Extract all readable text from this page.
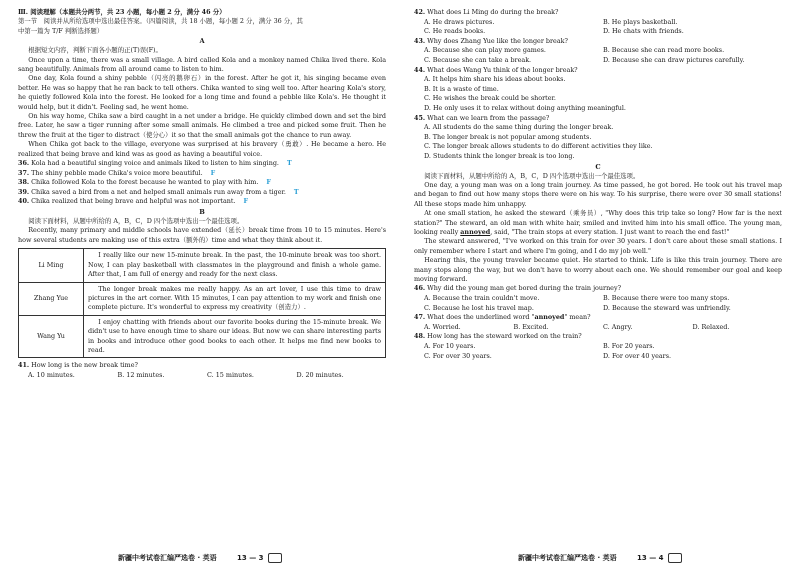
Ⅲ. 阅读理解（本题共分两节，共 23 小题，每小题 2 分，满分 46 分）

第一节　阅读并从所给选项中选出最佳答案。（四篇阅读，共 18 小题，每小题 2 分，满分 36 分，其

中第一篇为 T/F 判断选择题）

A

根据短文内容，判断下面各小题的正(T)误(F)。

Once upon a time, there was a small village. A bird called Kola and a monkey named Chika lived there. Kola sang beautifully. Animals from all around came to listen to him.

One day, Kola found a shiny pebble（闪亮的鹅卵石）in the forest. After he got it, his singing became even better. He was so happy that he ran back to tell others. Chika wanted to sing well too. After hearing Kola's story, he quietly followed Kola into the forest. He looked for a long time and found a pebble like Kola's. He thought it would help, but it didn't. Feeling sad, he went home.

On his way home, Chika saw a bird caught in a net under a bridge. He quickly climbed down and set the bird free. Later, he saw a tiger running after some small animals. He climbed a tree and picked some fruit. Then he threw the fruit at the tiger to distract（使分心）it so that the small animals got the chance to run away.

When Chika got back to the village, everyone was surprised at his bravery（勇敢）. He became a hero. He realized that being brave and kind was as good as having a beautiful voice.

36. Kola had a beautiful singing voice and animals liked to listen to him singing. T

37. The shiny pebble made Chika's voice more beautiful. F

38. Chika followed Kola to the forest because he wanted to play with him. F

39. Chika saved a bird from a net and helped small animals run away from a tiger. T

40. Chika realized that being brave and helpful was not important. F

B

阅读下面材料，从题中所给的 A，B，C，D 四个选项中选出一个最佳选项。

Recently, many primary and middle schools have extended（延长）break time from 10 to 15 minutes. Here's how several students are making use of this extra（额外的）time and what they think about it.

Li Ming	I really like our new 15-minute break. In the past, the 10-minute break was too short. Now, I can play basketball with classmates in the playground and finish a whole game. After that, I am full of energy and ready for the next class.
Zhang Yue	The longer break makes me really happy. As an art lover, I use this time to draw pictures in the art corner. With 15 minutes, I can pay attention to my work and finish one complete picture. It's wonderful to express my creativity（创造力）.
Wang Yu	I enjoy chatting with friends about our favorite books during the 15-minute break. We didn't use to have enough time to share our ideas. But now we can share interesting parts in books and introduce other good books to each other. It helps me find new books to read.

41. How long is the new break time?

A. 10 minutes.	B. 12 minutes.	C. 15 minutes.	D. 20 minutes.
新疆中考试卷汇编严选卷 · 英语	13 — 3

42. What does Li Ming do during the break?

A. He draws pictures.	B. He plays basketball.
C. He reads books.	D. He chats with friends.

43. Why does Zhang Yue like the longer break?

A. Because she can play more games.	B. Because she can read more books.
C. Because she can take a break.	D. Because she can draw pictures carefully.

44. What does Wang Yu think of the longer break?

A. It helps him share his ideas about books.
B. It is a waste of time.
C. He wishes the break could be shorter.
D. He only uses it to relax without doing anything meaningful.

45. What can we learn from the passage?

A. All students do the same thing during the longer break.
B. The longer break is not popular among students.
C. The longer break allows students to do different activities they like.
D. Students think the longer break is too long.

C

阅读下面材料，从题中所给的 A，B，C，D 四个选项中选出一个最佳选项。

One day, a young man was on a long train journey. As time passed, he got bored. He took out his travel map and began to find out how many stops there were on his way. To his surprise, there were over 30 small stations! All these stops made him unhappy.

At one small station, he asked the steward（乘务员）, "Why does this trip take so long? How far is the next station?" The steward, an old man with white hair, smiled and invited him into his small office. The young man, looking really annoyed, said, "The train stops at every station. I just want to reach the end fast!"

The steward answered, "I've worked on this train for over 30 years. I don't care about these small stations. I only remember where I start and where I'm going, and I do my job well."

Hearing this, the young traveler became quiet. He started to think. Life is like this train journey. There are many stops along the way, but we don't have to worry about each one. We should remember our goal and keep moving forward.

46. Why did the young man get bored during the train journey?

A. Because the train couldn't move.	B. Because there were too many stops.
C. Because he lost his travel map.	D. Because the steward was unfriendly.

47. What does the underlined word "annoyed" mean?

A. Worried.	B. Excited.	C. Angry.	D. Relaxed.

48. How long has the steward worked on the train?

A. For 10 years.	B. For 20 years.
C. For over 30 years.	D. For over 40 years.
新疆中考试卷汇编严选卷 · 英语	13 — 4
